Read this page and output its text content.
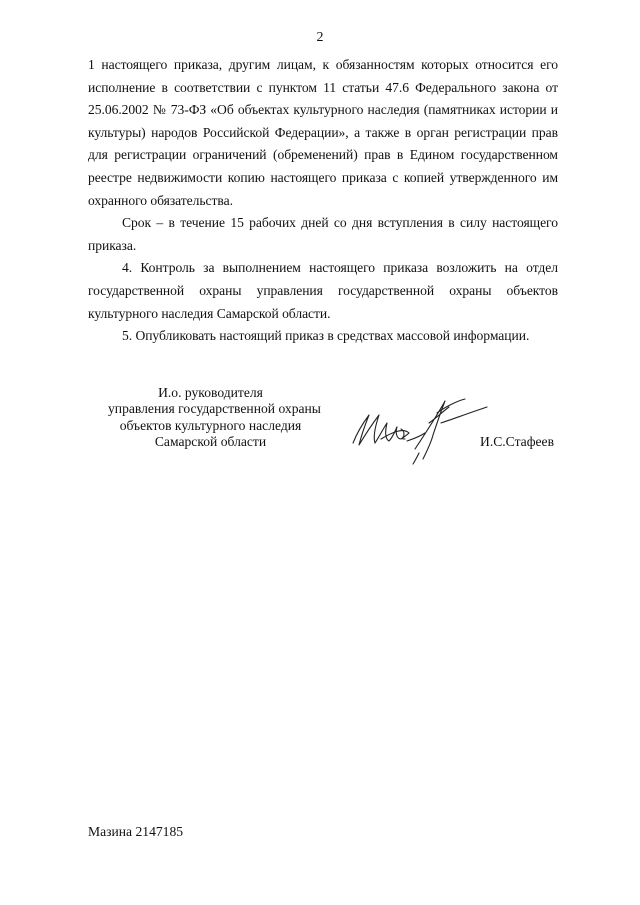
2

1 настоящего приказа, другим лицам, к обязанностям которых относится его исполнение в соответствии с пунктом 11 статьи 47.6 Федерального закона от 25.06.2002 № 73-ФЗ «Об объектах культурного наследия (памятниках истории и культуры) народов Российской Федерации», а также в орган регистрации прав для регистрации ограничений (обременений) прав в Едином государственном реестре недвижимости копию настоящего приказа с копией утвержденного им охранного обязательства.

Срок – в течение 15 рабочих дней со дня вступления в силу настоящего приказа.

4. Контроль за выполнением настоящего приказа возложить на отдел государственной охраны управления государственной охраны объектов культурного наследия Самарской области.

5. Опубликовать настоящий приказ в средствах массовой информации.

И.о. руководителя
управления государственной охраны
объектов культурного наследия
Самарской области	И.С.Стафеев
Мазина 2147185
